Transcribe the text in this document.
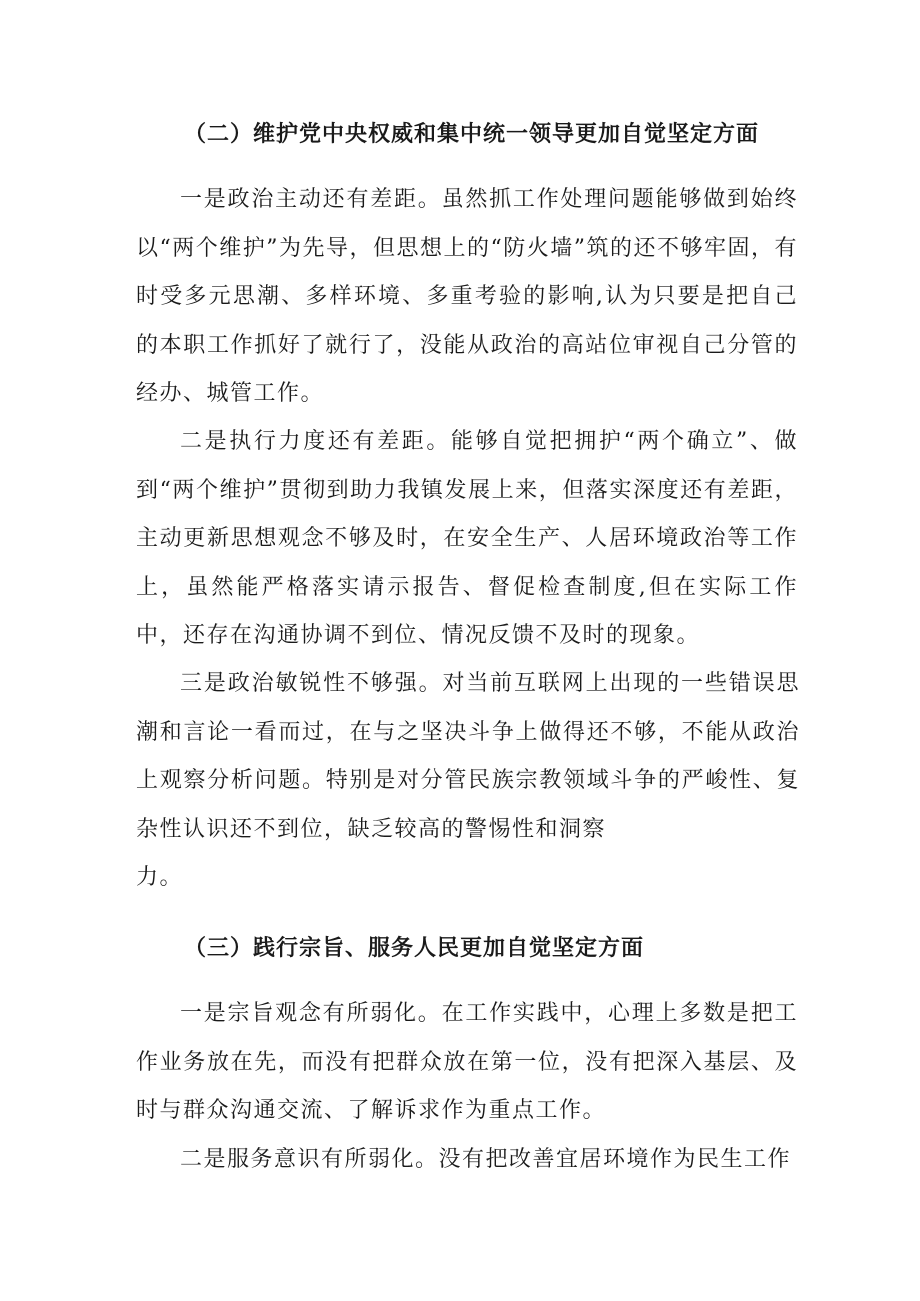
（二）维护党中央权威和集中统一领导更加自觉坚定方面

一是政治主动还有差距。虽然抓工作处理问题能够做到始终以“两个维护”为先导，但思想上的“防火墙”筑的还不够牢固，有时受多元思潮、多样环境、多重考验的影响,认为只要是把自己的本职工作抓好了就行了，没能从政治的高站位审视自己分管的经办、城管工作。

二是执行力度还有差距。能够自觉把拥护“两个确立”、做到“两个维护”贯彻到助力我镇发展上来，但落实深度还有差距，主动更新思想观念不够及时，在安全生产、人居环境政治等工作上，虽然能严格落实请示报告、督促检查制度,但在实际工作中，还存在沟通协调不到位、情况反馈不及时的现象。

三是政治敏锐性不够强。对当前互联网上出现的一些错误思潮和言论一看而过，在与之坚决斗争上做得还不够，不能从政治上观察分析问题。特别是对分管民族宗教领域斗争的严峻性、复杂性认识还不到位，缺乏较高的警惕性和洞察

力。

（三）践行宗旨、服务人民更加自觉坚定方面

一是宗旨观念有所弱化。在工作实践中，心理上多数是把工作业务放在先，而没有把群众放在第一位，没有把深入基层、及时与群众沟通交流、了解诉求作为重点工作。

二是服务意识有所弱化。没有把改善宜居环境作为民生工作
